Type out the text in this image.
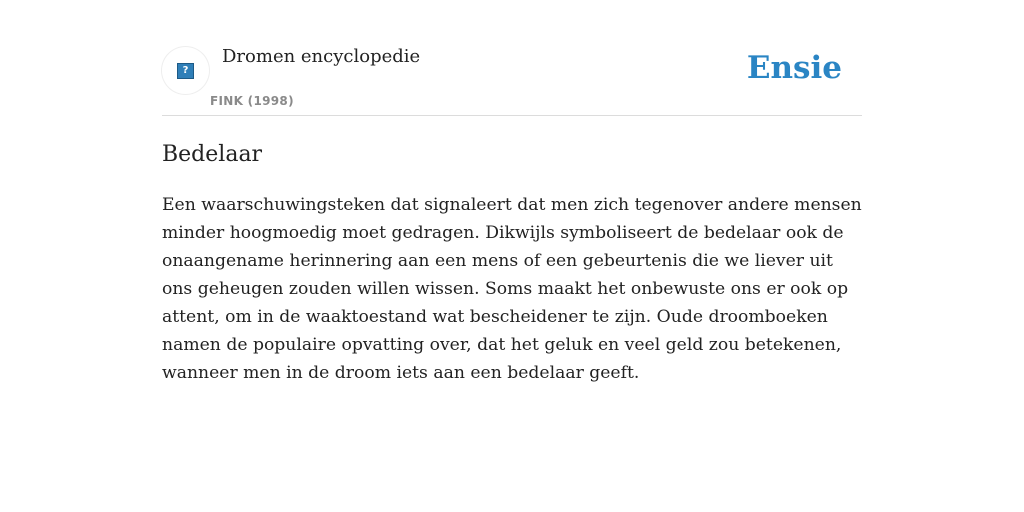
?
Dromen encyclopedie
FINK (1998)
Ensie
Bedelaar

Een waarschuwingsteken dat signaleert dat men zich tegenover andere mensen minder hoogmoedig moet gedragen. Dikwijls symboliseert de bedelaar ook de onaangename herinnering aan een mens of een gebeurtenis die we liever uit ons geheugen zouden willen wissen. Soms maakt het onbewuste ons er ook op attent, om in de waaktoestand wat bescheidener te zijn. Oude droomboeken namen de populaire opvatting over, dat het geluk en veel geld zou betekenen, wanneer men in de droom iets aan een bedelaar geeft.
